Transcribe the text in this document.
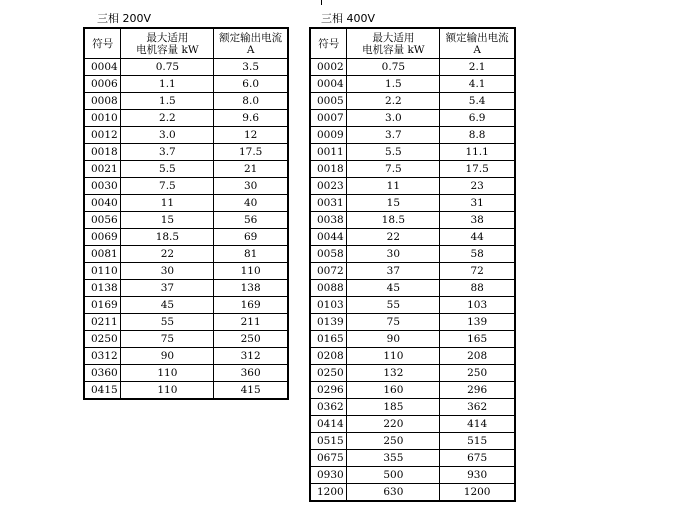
三相 200V	三相 400V
符号	最大适用
电机容量 kW	额定输出电流
A

0004	0.75	3.5
0006	1.1	6.0
0008	1.5	8.0
0010	2.2	9.6
0012	3.0	12
0018	3.7	17.5
0021	5.5	21
0030	7.5	30
0040	11	40
0056	15	56
0069	18.5	69
0081	22	81
0110	30	110
0138	37	138
0169	45	169
0211	55	211
0250	75	250
0312	90	312
0360	110	360
0415	110	415
符号	最大适用
电机容量 kW	额定输出电流
A

0002	0.75	2.1
0004	1.5	4.1
0005	2.2	5.4
0007	3.0	6.9
0009	3.7	8.8
0011	5.5	11.1
0018	7.5	17.5
0023	11	23
0031	15	31
0038	18.5	38
0044	22	44
0058	30	58
0072	37	72
0088	45	88
0103	55	103
0139	75	139
0165	90	165
0208	110	208
0250	132	250
0296	160	296
0362	185	362
0414	220	414
0515	250	515
0675	355	675
0930	500	930
1200	630	1200
